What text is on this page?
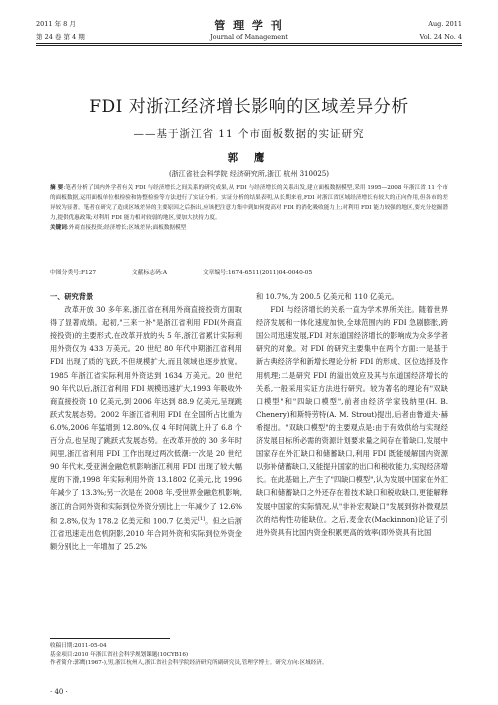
2011 年 8 月
第 24 卷 第 4 期
管 理 学 刊
Journal of Management
Aug. 2011
Vol. 24 No. 4
FDI 对浙江经济增长影响的区域差异分析
——基于浙江省 11 个市面板数据的实证研究
郭 鹰
(浙江省社会科学院 经济研究所,浙江 杭州 310025)
摘 要:笔者分析了国内外学者有关 FDI 与经济增长之间关系的研究成果,从 FDI 与经济增长的关系出发,建立面板数据模型,采用 1995—2008 年浙江省 11 个市的面板数据,运用面板单位根检验和协整检验等方法进行了实证分析。实证分析的结果表明,从长期来看,FDI 对浙江省区域经济增长有较大的正向作用,但各市的差异较为显著。笔者在研究了造成区域差异的主要原因之后指出,应该把注意力集中到如何提高对 FDI 的消化吸收能力上;对利用 FDI 能力较强的地区,要充分挖掘潜力,提供优惠政策;对利用 FDI 能力相对较弱的地区,要加大扶持力度。
关键词:外商直接投资;经济增长;区域差异;面板数据模型
中图分类号:F127	文献标志码:A	文章编号:1674-6511(2011)04-0040-05

一、研究背景

改革开放 30 多年来,浙江省在利用外商直接投资方面取得了显著成绩。起初,"三来一补"是浙江省利用 FDI(外商直接投资)的主要形式,在改革开放的头 5 年,浙江省累计实际利用外资仅为 433 万美元。20 世纪 80 年代中期浙江省利用 FDI 出现了质的飞跃,不但规模扩大,而且领域也逐步放宽。1985 年浙江省实际利用外资达到 1634 万美元。20 世纪 90 年代以后,浙江省利用 FDI 规模迅速扩大,1993 年吸收外商直接投资 10 亿美元,到 2006 年达到 88.9 亿美元,呈现跳跃式发展态势。2002 年浙江省利用 FDI 在全国所占比重为 6.0%,2006 年猛增到 12.80%,仅 4 年时间就上升了 6.8 个百分点,也呈现了跳跃式发展态势。在改革开放的 30 多年时间里,浙江省利用 FDI 工作出现过两次低潮:一次是 20 世纪 90 年代末,受亚洲金融危机影响浙江利用 FDI 出现了较大幅度的下滑,1998 年实际利用外资 13.1802 亿美元,比 1996 年减少了 13.3%;另一次是在 2008 年,受世界金融危机影响,浙江的合同外资和实际到位外资分别比上一年减少了 12.6%和 2.8%,仅为 178.2 亿美元和 100.7 亿美元[1]。但之后浙江省迅速走出危机阴影,2010 年合同外资和实际到位外资金额分别比上一年增加了 25.2%

和 10.7%,为 200.5 亿美元和 110 亿美元。

FDI 与经济增长的关系一直为学术界所关注。随着世界经济发展和一体化速度加快,全球范围内的 FDI 急剧膨胀,跨国公司迅速发展,FDI 对东道国经济增长的影响成为众多学者研究的对象。对 FDI 的研究主要集中在两个方面:一是基于新古典经济学和新增长理论分析 FDI 的形成、区位选择及作用机理;二是研究 FDI 的溢出效应及其与东道国经济增长的关系,一般采用实证方法进行研究。较为著名的理论有"双缺口模型"和"四缺口模型",前者由经济学家钱纳里(H. B. Chenery)和斯特劳特(A. M. Strout)提出,后者由鲁道夫·赫希提出。"双缺口模型"的主要观点是:由于有效供给与实现经济发展目标所必需的资源计划要求量之间存在着缺口,发展中国家存在外汇缺口和储蓄缺口,利用 FDI 既能缓解国内资源以弥补储蓄缺口,又能提升国家的出口和税收能力,实现经济增长。在此基础上,产生了"四缺口模型",认为发展中国家在外汇缺口和储蓄缺口之外还存在着技术缺口和税收缺口,更能解释发展中国家的实际情况,从"非补宏观缺口"发展到弥补微观层次的结构性功能缺位。之后,麦金农(Mackinnon)论证了引进外资具有比国内资金积累更高的效率(即外资具有比国

收稿日期:2011-05-04
基金项目:2010 年浙江省社会科学规划课题(10CYB16)
作者简介:郭鹰(1967-),男,浙江杭州人,浙江省社会科学院经济研究所副研究员,管理学博士。研究方向:区域经济。
· 40 ·
